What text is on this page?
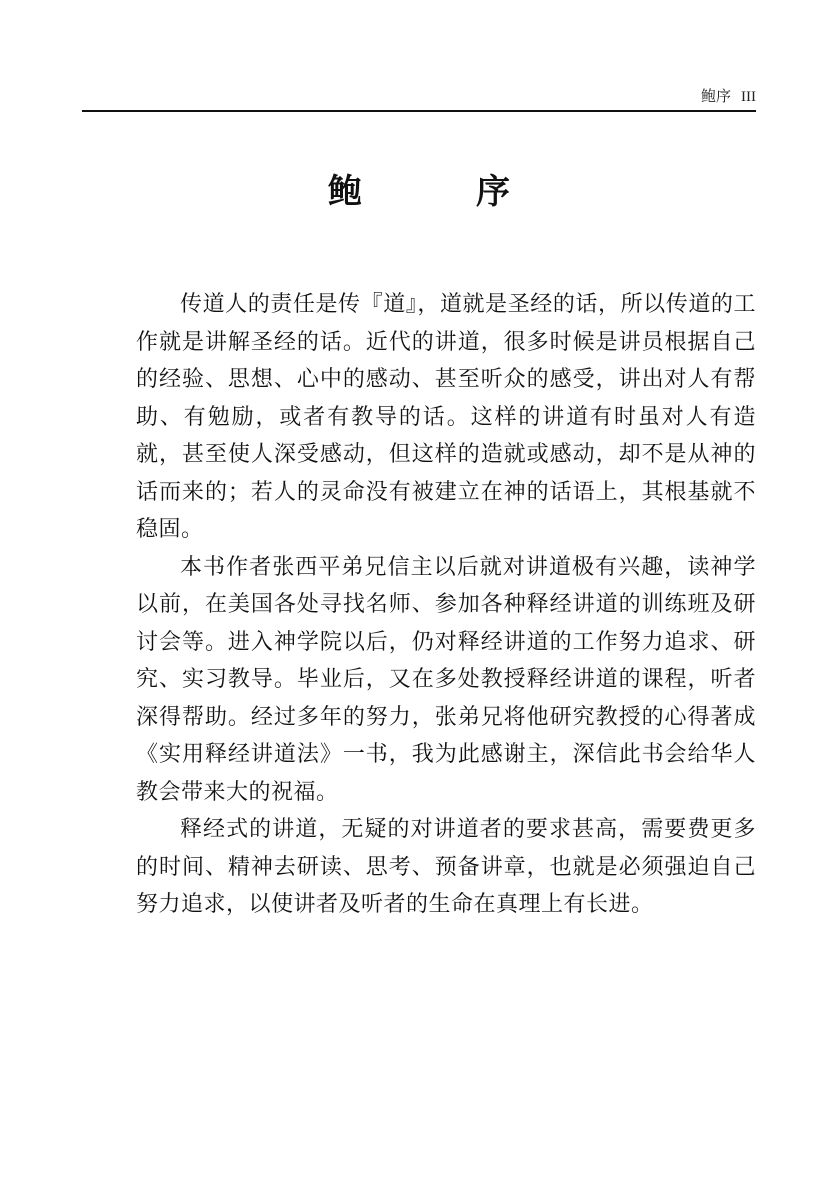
鲍序 III
鲍　序

传道人的责任是传『道』，道就是圣经的话，所以传道的工作就是讲解圣经的话。近代的讲道，很多时候是讲员根据自己的经验、思想、心中的感动、甚至听众的感受，讲出对人有帮助、有勉励，或者有教导的话。这样的讲道有时虽对人有造就，甚至使人深受感动，但这样的造就或感动，却不是从神的话而来的；若人的灵命没有被建立在神的话语上，其根基就不稳固。

本书作者张西平弟兄信主以后就对讲道极有兴趣，读神学以前，在美国各处寻找名师、参加各种释经讲道的训练班及研讨会等。进入神学院以后，仍对释经讲道的工作努力追求、研究、实习教导。毕业后，又在多处教授释经讲道的课程，听者深得帮助。经过多年的努力，张弟兄将他研究教授的心得著成《实用释经讲道法》一书，我为此感谢主，深信此书会给华人教会带来大的祝福。

释经式的讲道，无疑的对讲道者的要求甚高，需要费更多的时间、精神去研读、思考、预备讲章，也就是必须强迫自己努力追求，以使讲者及听者的生命在真理上有长进。
